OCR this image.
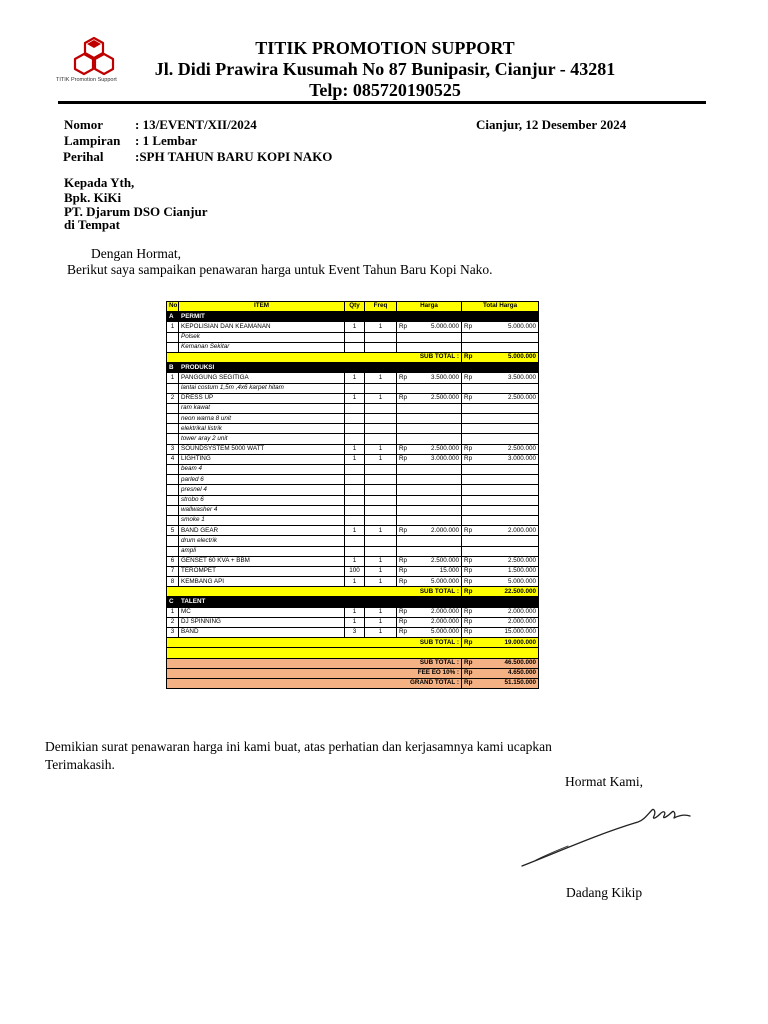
TITIK Promotion Support
TITIK PROMOTION SUPPORT
Jl. Didi Prawira Kusumah No 87 Bunipasir, Cianjur - 43281
Telp: 085720190525
Nomor : 13/EVENT/XII/2024
Lampiran : 1 Lembar
Perihal :SPH TAHUN BARU KOPI NAKO
Cianjur, 12 Desember 2024
Kepada Yth,
Bpk. KiKi
PT. Djarum DSO Cianjur
di Tempat
Dengan Hormat,
Berikut saya sampaikan penawaran harga untuk Event Tahun Baru Kopi Nako.
No	ITEM	Qty	Freq	Harga		Total Harga	
A	PERMIT						
1	KEPOLISIAN DAN KEAMANAN	1	1	Rp	5.000.000	Rp	5.000.000
	Polsek						
	Kemanan Sekitar						
SUB TOTAL :						Rp	5.000.000
B	PRODUKSI						
1	PANGGUNG SEGITIGA	1	1	Rp	3.500.000	Rp	3.500.000
	lantai costum 1,5m ,4x6 karpet hitam						
2	DRESS UP	1	1	Rp	2.500.000	Rp	2.500.000
	ram kawat						
	neon warna 8 unit						
	elektrikal listrik						
	tower aray 2 unit						
3	SOUNDSYSTEM 5000 WATT	1	1	Rp	2.500.000	Rp	2.500.000
4	LIGHTING	1	1	Rp	3.000.000	Rp	3.000.000
	beam 4						
	parled 6						
	presnel 4						
	strobo 6						
	wallwasher 4						
	smoke 1						
5	BAND GEAR	1	1	Rp	2.000.000	Rp	2.000.000
	drum electrik						
	ampli						
6	GENSET 60 KVA + BBM	1	1	Rp	2.500.000	Rp	2.500.000
7	TEROMPET	100	1	Rp	15.000	Rp	1.500.000
8	KEMBANG API	1	1	Rp	5.000.000	Rp	5.000.000
SUB TOTAL :						Rp	22.500.000
C	TALENT						
1	MC	1	1	Rp	2.000.000	Rp	2.000.000
2	DJ SPINNING	1	1	Rp	2.000.000	Rp	2.000.000
3	BAND	3	1	Rp	5.000.000	Rp	15.000.000
SUB TOTAL :						Rp	19.000.000

SUB TOTAL :						Rp	46.500.000
FEE EO 10% :						Rp	4.650.000
GRAND TOTAL :						Rp	51.150.000
Demikian surat penawaran harga ini kami buat, atas perhatian dan kerjasamnya kami ucapkan
Terimakasih.
Hormat Kami,
Dadang Kikip
